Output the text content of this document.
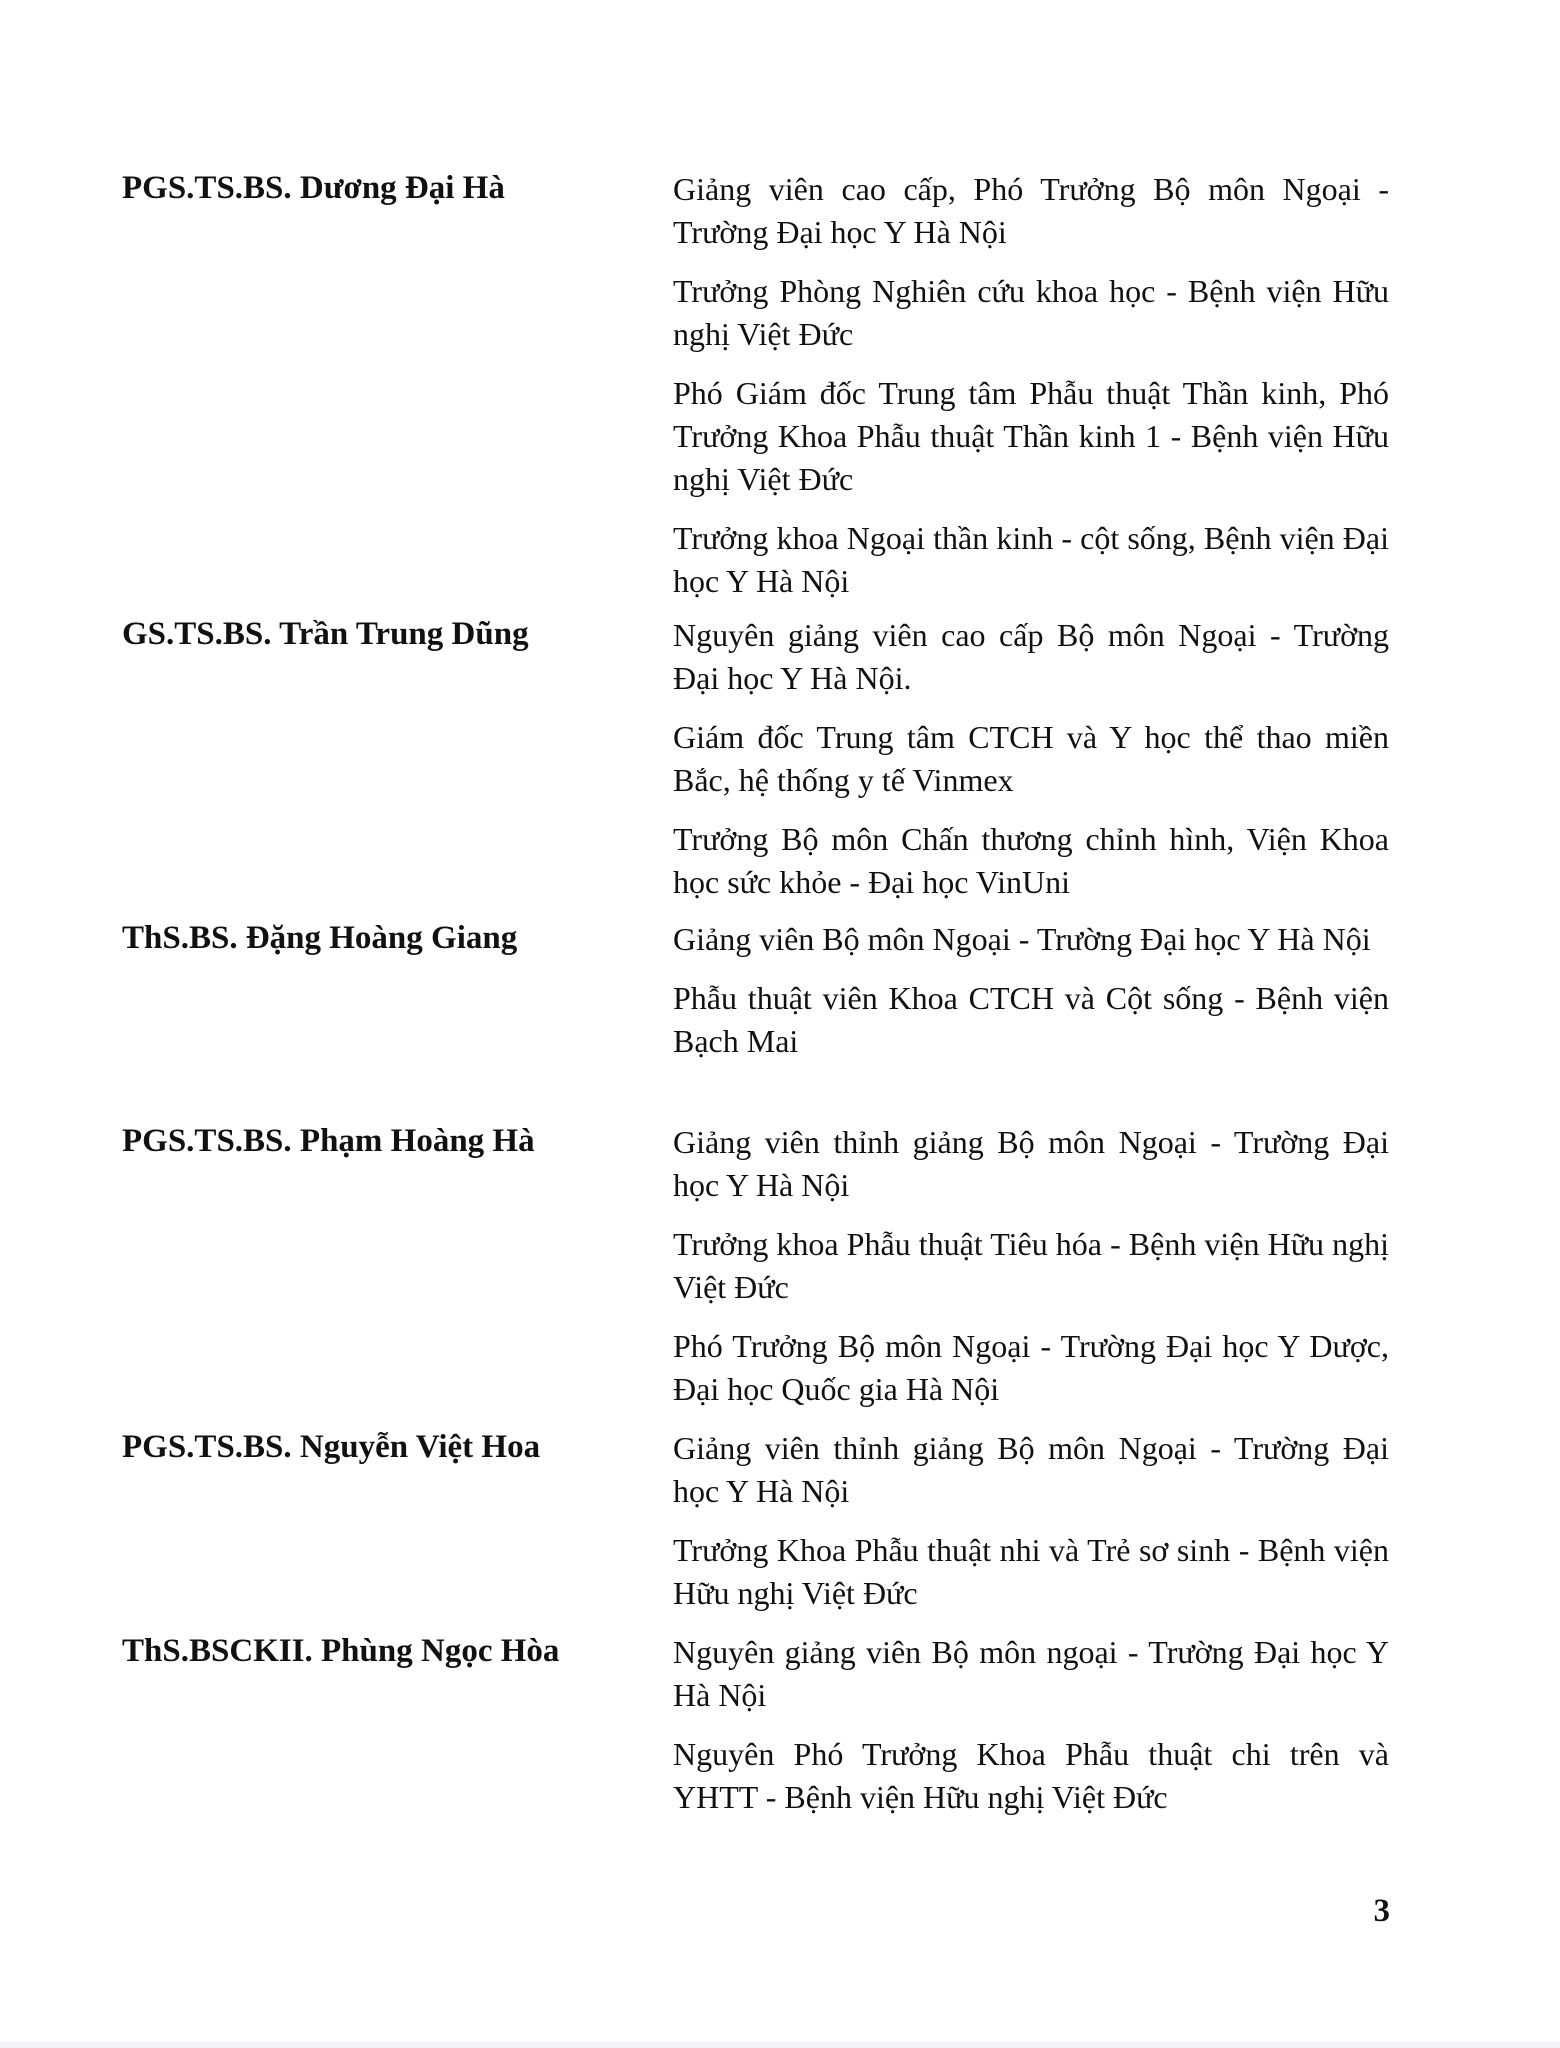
PGS.TS.BS. Dương Đại Hà	Giảng viên cao cấp, Phó Trưởng Bộ môn Ngoại - Trường Đại học Y Hà Nội

Trưởng Phòng Nghiên cứu khoa học - Bệnh viện Hữu nghị Việt Đức

Phó Giám đốc Trung tâm Phẫu thuật Thần kinh, Phó Trưởng Khoa Phẫu thuật Thần kinh 1 - Bệnh viện Hữu nghị Việt Đức

Trưởng khoa Ngoại thần kinh - cột sống, Bệnh viện Đại học Y Hà Nội

GS.TS.BS. Trần Trung Dũng	Nguyên giảng viên cao cấp Bộ môn Ngoại - Trường Đại học Y Hà Nội.

Giám đốc Trung tâm CTCH và Y học thể thao miền Bắc, hệ thống y tế Vinmex

Trưởng Bộ môn Chấn thương chỉnh hình, Viện Khoa học sức khỏe - Đại học VinUni

ThS.BS. Đặng Hoàng Giang	Giảng viên Bộ môn Ngoại - Trường Đại học Y Hà Nội

Phẫu thuật viên Khoa CTCH và Cột sống - Bệnh viện Bạch Mai

PGS.TS.BS. Phạm Hoàng Hà	Giảng viên thỉnh giảng Bộ môn Ngoại - Trường Đại học Y Hà Nội

Trưởng khoa Phẫu thuật Tiêu hóa - Bệnh viện Hữu nghị Việt Đức

Phó Trưởng Bộ môn Ngoại - Trường Đại học Y Dược, Đại học Quốc gia Hà Nội

PGS.TS.BS. Nguyễn Việt Hoa	Giảng viên thỉnh giảng Bộ môn Ngoại - Trường Đại học Y Hà Nội

Trưởng Khoa Phẫu thuật nhi và Trẻ sơ sinh - Bệnh viện Hữu nghị Việt Đức

ThS.BSCKII. Phùng Ngọc Hòa	Nguyên giảng viên Bộ môn ngoại - Trường Đại học Y Hà Nội

Nguyên Phó Trưởng Khoa Phẫu thuật chi trên và YHTT - Bệnh viện Hữu nghị Việt Đức

3
